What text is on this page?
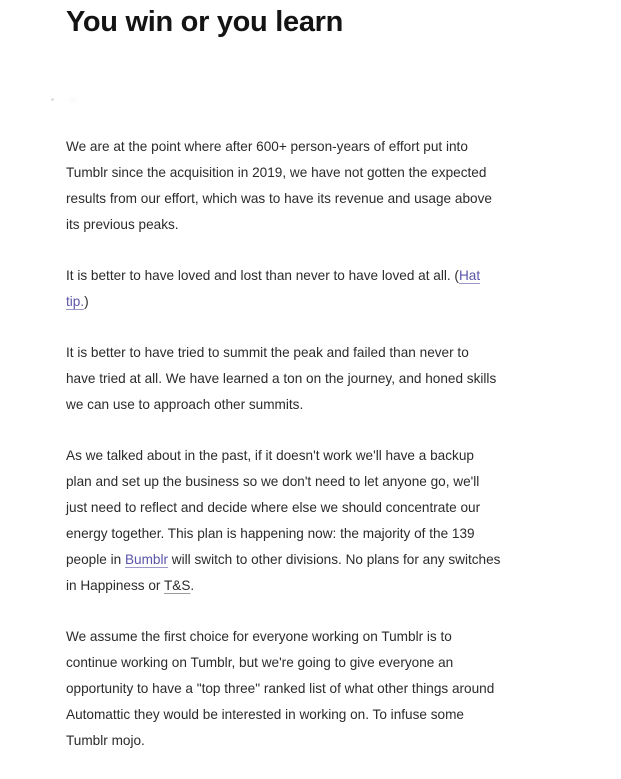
You win or you learn
• · · · · ·

We are at the point where after 600+ person-years of effort put into
Tumblr since the acquisition in 2019, we have not gotten the expected
results from our effort, which was to have its revenue and usage above
its previous peaks.

It is better to have loved and lost than never to have loved at all. (Hat
tip.)

It is better to have tried to summit the peak and failed than never to
have tried at all. We have learned a ton on the journey, and honed skills
we can use to approach other summits.

As we talked about in the past, if it doesn't work we'll have a backup
plan and set up the business so we don't need to let anyone go, we'll
just need to reflect and decide where else we should concentrate our
energy together. This plan is happening now: the majority of the 139
people in Bumblr will switch to other divisions. No plans for any switches
in Happiness or T&S.

We assume the first choice for everyone working on Tumblr is to
continue working on Tumblr, but we're going to give everyone an
opportunity to have a "top three" ranked list of what other things around
Automattic they would be interested in working on. To infuse some
Tumblr mojo.
